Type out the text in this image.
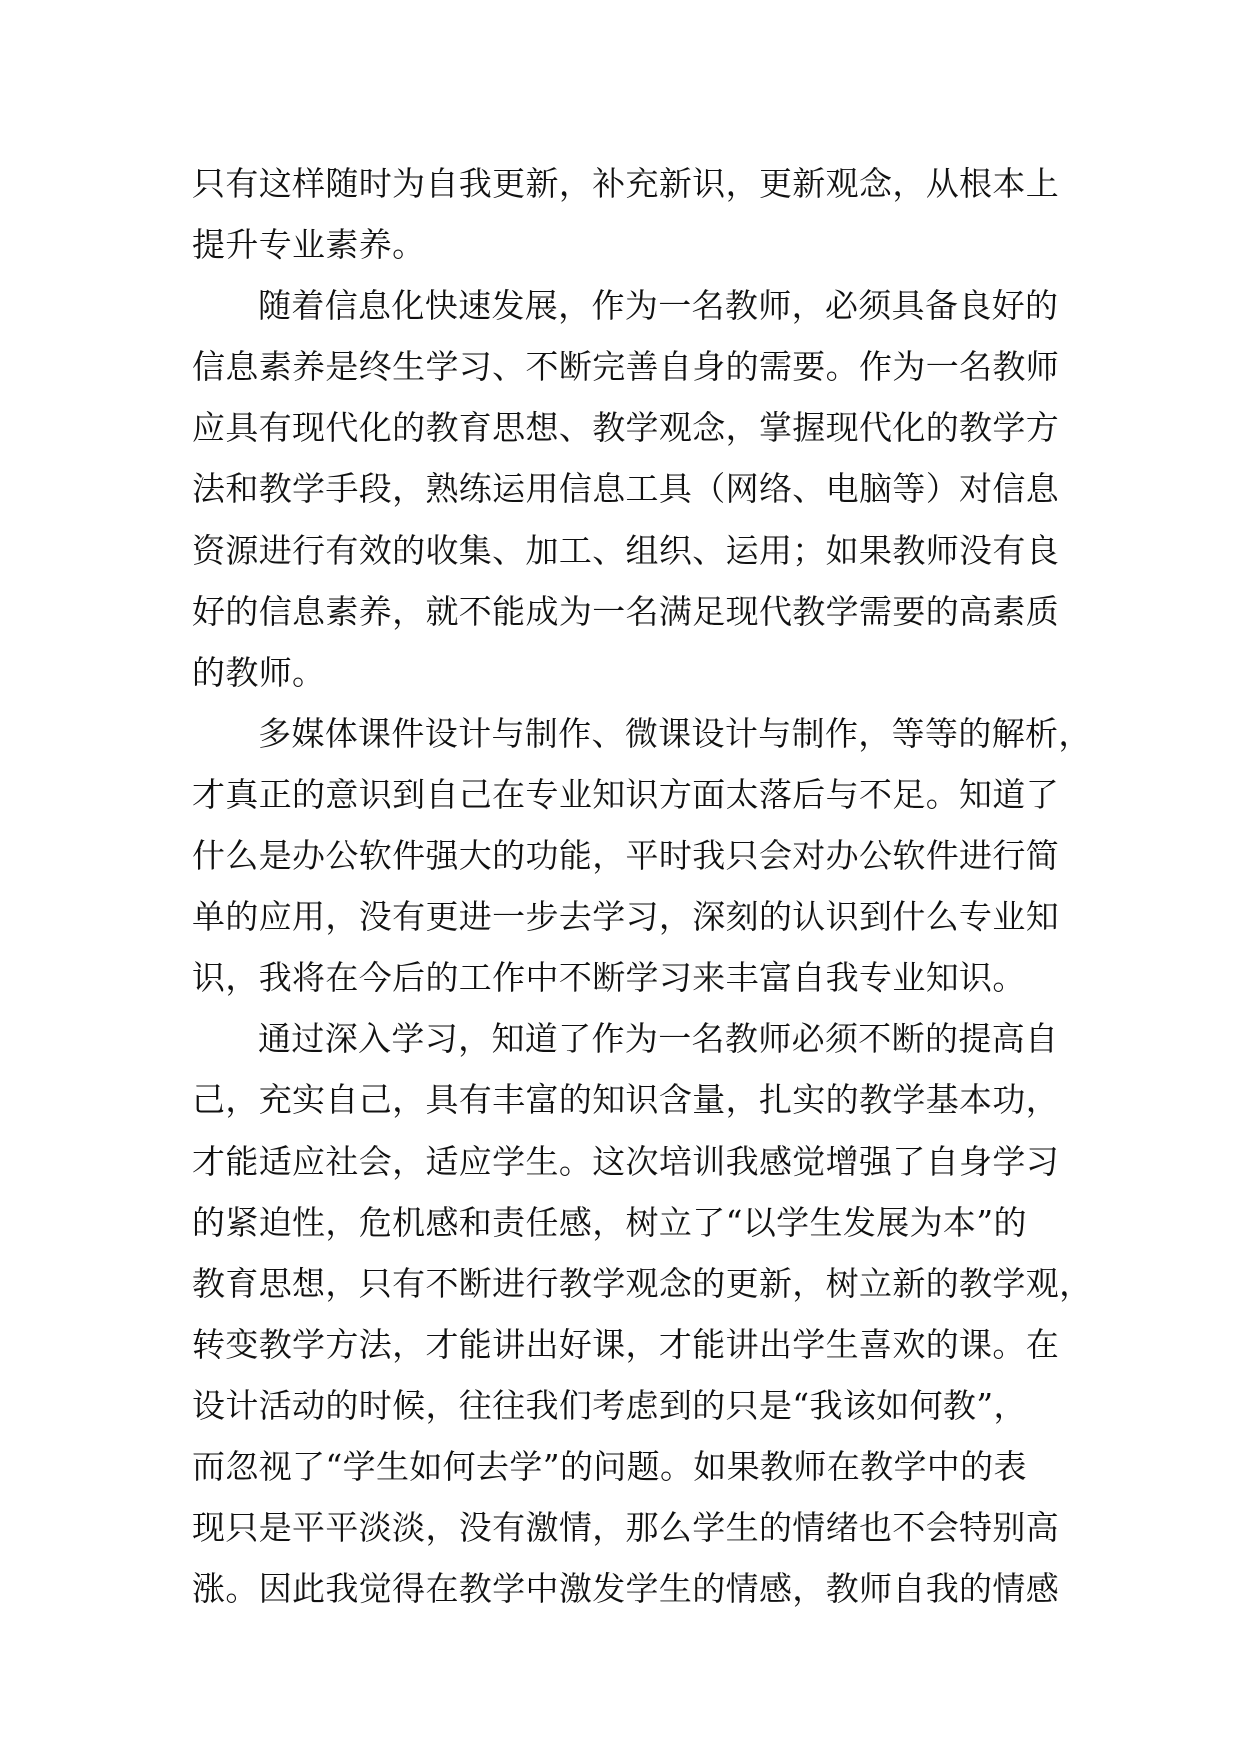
只有这样随时为自我更新，补充新识，更新观念，从根本上
提升专业素养。
随着信息化快速发展，作为一名教师，必须具备良好的
信息素养是终生学习、不断完善自身的需要。作为一名教师
应具有现代化的教育思想、教学观念，掌握现代化的教学方
法和教学手段，熟练运用信息工具（网络、电脑等）对信息
资源进行有效的收集、加工、组织、运用；如果教师没有良
好的信息素养，就不能成为一名满足现代教学需要的高素质
的教师。
多媒体课件设计与制作、微课设计与制作，等等的解析，
才真正的意识到自己在专业知识方面太落后与不足。知道了
什么是办公软件强大的功能，平时我只会对办公软件进行简
单的应用，没有更进一步去学习，深刻的认识到什么专业知
识，我将在今后的工作中不断学习来丰富自我专业知识。
通过深入学习，知道了作为一名教师必须不断的提高自
己，充实自己，具有丰富的知识含量，扎实的教学基本功，
才能适应社会，适应学生。这次培训我感觉增强了自身学习
的紧迫性，危机感和责任感，树立了“以学生发展为本”的
教育思想，只有不断进行教学观念的更新，树立新的教学观，
转变教学方法，才能讲出好课，才能讲出学生喜欢的课。在
设计活动的时候，往往我们考虑到的只是“我该如何教”，
而忽视了“学生如何去学”的问题。如果教师在教学中的表
现只是平平淡淡，没有激情，那么学生的情绪也不会特别高
涨。因此我觉得在教学中激发学生的情感，教师自我的情感
